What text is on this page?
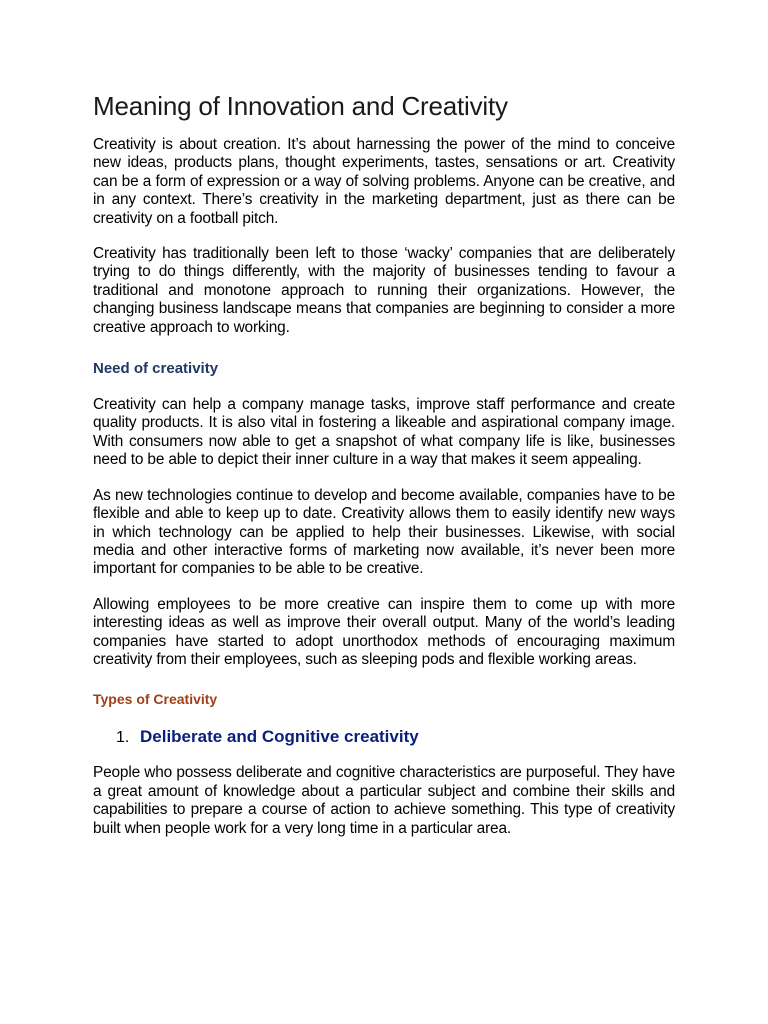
Meaning of Innovation and Creativity

Creativity is about creation. It’s about harnessing the power of the mind to conceive new ideas, products plans, thought experiments, tastes, sensations or art. Creativity can be a form of expression or a way of solving problems. Anyone can be creative, and in any context. There’s creativity in the marketing department, just as there can be creativity on a football pitch.

Creativity has traditionally been left to those ‘wacky’ companies that are deliberately trying to do things differently, with the majority of businesses tending to favour a traditional and monotone approach to running their organizations. However, the changing business landscape means that companies are beginning to consider a more creative approach to working.

Need of creativity

Creativity can help a company manage tasks, improve staff performance and create quality products. It is also vital in fostering a likeable and aspirational company image. With consumers now able to get a snapshot of what company life is like, businesses need to be able to depict their inner culture in a way that makes it seem appealing.

As new technologies continue to develop and become available, companies have to be flexible and able to keep up to date. Creativity allows them to easily identify new ways in which technology can be applied to help their businesses. Likewise, with social media and other interactive forms of marketing now available, it’s never been more important for companies to be able to be creative.

Allowing employees to be more creative can inspire them to come up with more interesting ideas as well as improve their overall output. Many of the world’s leading companies have started to adopt unorthodox methods of encouraging maximum creativity from their employees, such as sleeping pods and flexible working areas.

Types of Creativity
1. Deliberate and Cognitive creativity

People who possess deliberate and cognitive characteristics are purposeful. They have a great amount of knowledge about a particular subject and combine their skills and capabilities to prepare a course of action to achieve something. This type of creativity built when people work for a very long time in a particular area.
